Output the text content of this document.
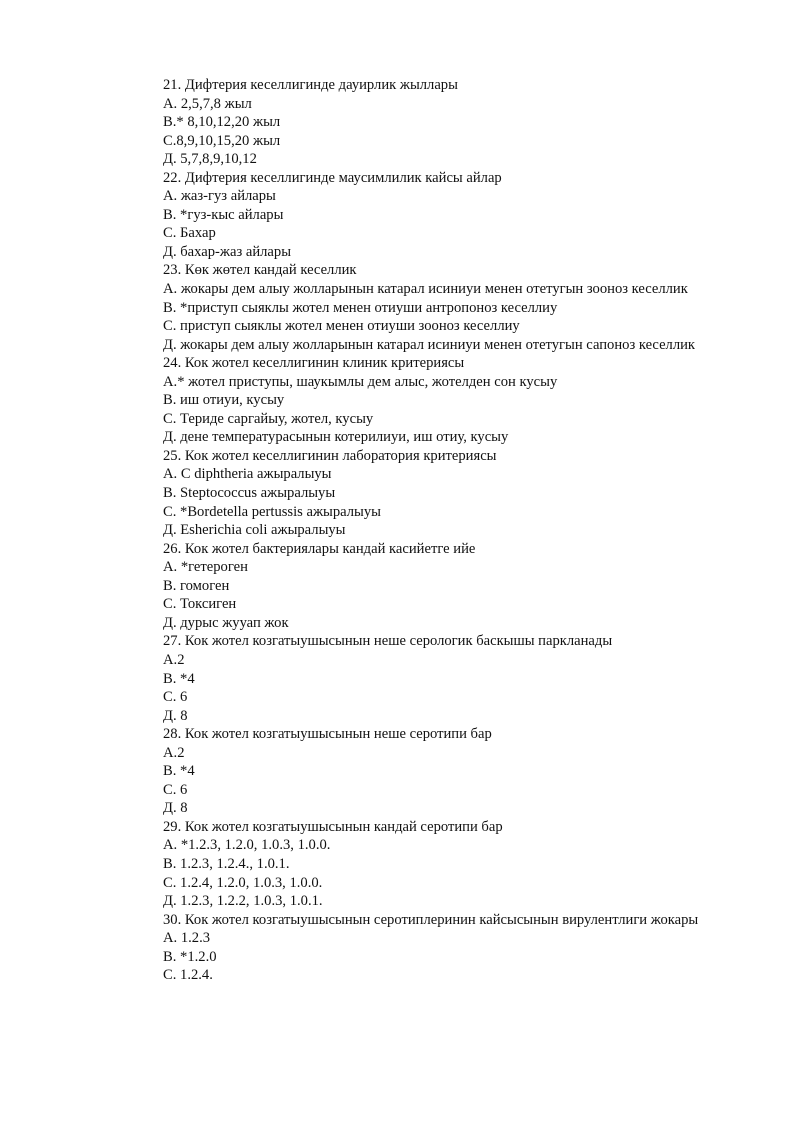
21. Дифтерия кеселлигинде дауирлик жыллары

А. 2,5,7,8 жыл

В.* 8,10,12,20 жыл

С.8,9,10,15,20 жыл

Д. 5,7,8,9,10,12

22. Дифтерия кеселлигинде маусимлилик кайсы айлар

А. жаз-гуз айлары

В. *гуз-кыс айлары

С. Бахар

Д. бахар-жаз айлары

23. Көк жөтел кандай кеселлик

А. жокары дем алыу жолларынын катарал исиниуи менен отетугын зооноз кеселлик

В. *приступ сыяклы жотел менен отиуши антропоноз кеселлиу

С. приступ сыяклы жотел менен отиуши зооноз кеселлиу

Д. жокары дем алыу жолларынын катарал исиниуи менен отетугын сапоноз кеселлик

24. Кок жотел кеселлигинин клиник критериясы

А.* жотел приступы, шаукымлы дем алыс, жотелден сон кусыу

В. иш отиуи, кусыу

С. Териде саргайыу, жотел, кусыу

Д. дене температурасынын котерилиуи, иш отиу, кусыу

25. Кок жотел кеселлигинин лаборатория критериясы

А. C diphtheria ажыралыуы

В. Steptococcus ажыралыуы

С. *Bordetella pertussis ажыралыуы

Д. Esherichia coli ажыралыуы

26. Кок жотел бактериялары кандай касийетге ийе

А. *гетероген

В. гомоген

С. Токсиген

Д. дурыс жууап жок

27. Кок жотел козгатыушысынын неше серологик баскышы паркланады

А.2

В. *4

С. 6

Д. 8

28. Кок жотел козгатыушысынын неше серотипи бар

А.2

В. *4

С. 6

Д. 8

29. Кок жотел козгатыушысынын кандай серотипи бар

А. *1.2.3, 1.2.0, 1.0.3, 1.0.0.

В. 1.2.3, 1.2.4., 1.0.1.

С. 1.2.4, 1.2.0, 1.0.3, 1.0.0.

Д. 1.2.3, 1.2.2, 1.0.3, 1.0.1.

30. Кок жотел козгатыушысынын серотиплеринин кайсысынын вирулентлиги жокары

А. 1.2.3

В. *1.2.0

С. 1.2.4.
